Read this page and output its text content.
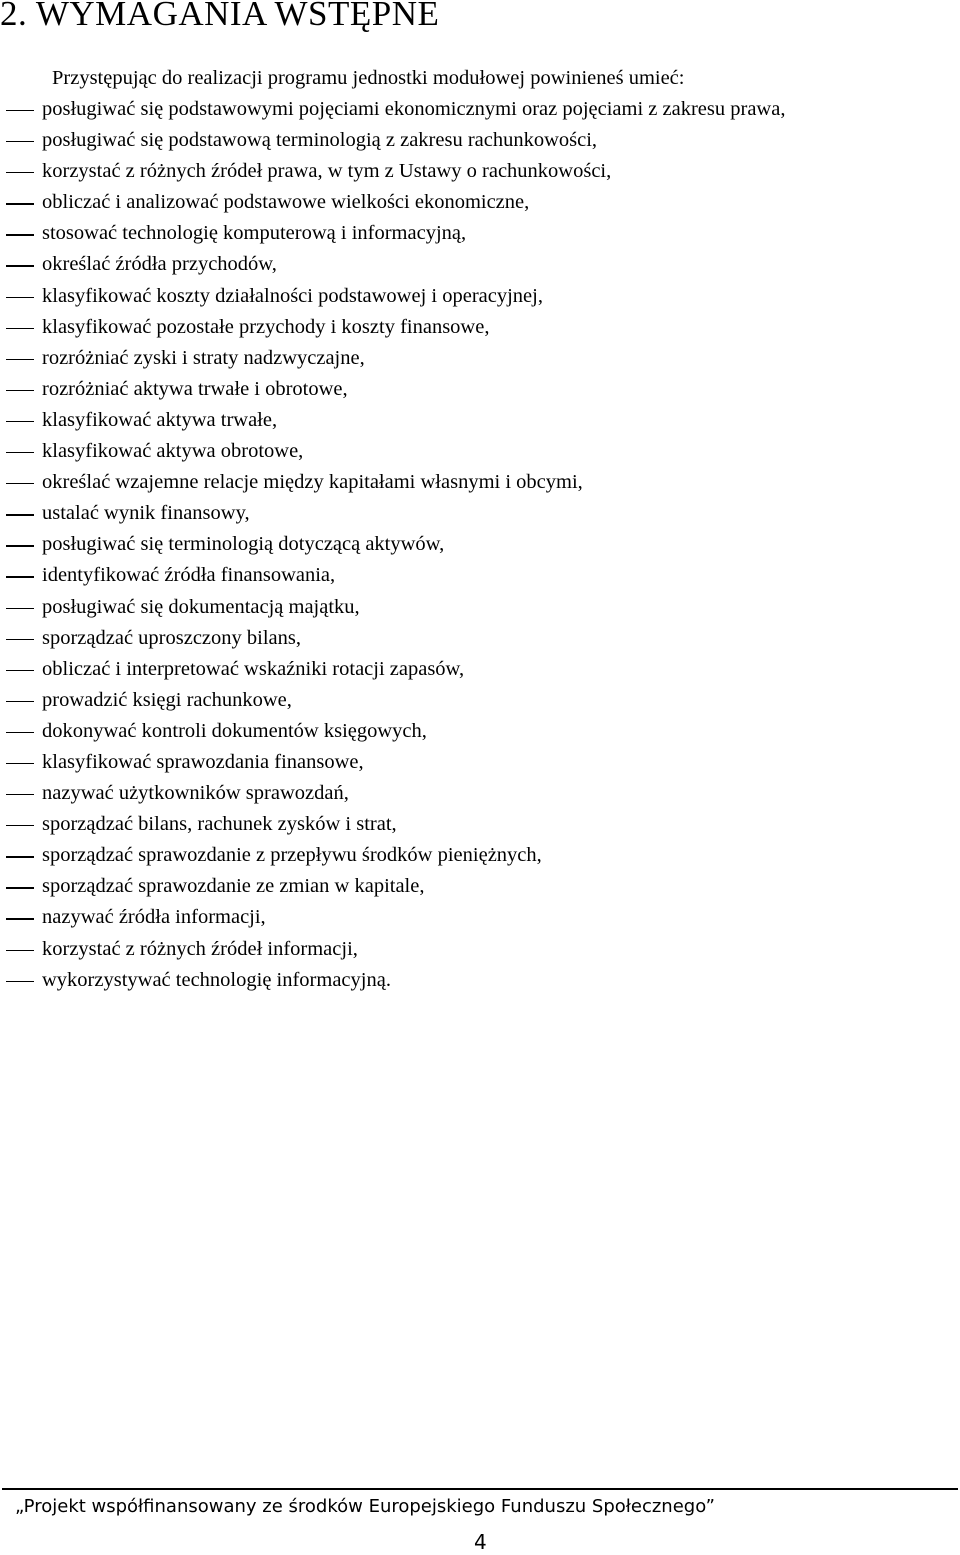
2. WYMAGANIA WSTĘPNE

Przystępując do realizacji programu jednostki modułowej powinieneś umieć:

posługiwać się podstawowymi pojęciami ekonomicznymi oraz pojęciami z zakresu prawa,
posługiwać się podstawową terminologią z zakresu rachunkowości,
korzystać z różnych źródeł prawa, w tym z Ustawy o rachunkowości,
obliczać i analizować podstawowe wielkości ekonomiczne,
stosować technologię komputerową i informacyjną,
określać źródła przychodów,
klasyfikować koszty działalności podstawowej i operacyjnej,
klasyfikować pozostałe przychody i koszty finansowe,
rozróżniać zyski i straty nadzwyczajne,
rozróżniać aktywa trwałe i obrotowe,
klasyfikować aktywa trwałe,
klasyfikować aktywa obrotowe,
określać wzajemne relacje między kapitałami własnymi i obcymi,
ustalać wynik finansowy,
posługiwać się terminologią dotyczącą aktywów,
identyfikować źródła finansowania,
posługiwać się dokumentacją majątku,
sporządzać uproszczony bilans,
obliczać i interpretować wskaźniki rotacji zapasów,
prowadzić księgi rachunkowe,
dokonywać kontroli dokumentów księgowych,
klasyfikować sprawozdania finansowe,
nazywać użytkowników sprawozdań,
sporządzać bilans, rachunek zysków i strat,
sporządzać sprawozdanie z przepływu środków pieniężnych,
sporządzać sprawozdanie ze zmian w kapitale,
nazywać źródła informacji,
korzystać z różnych źródeł informacji,
wykorzystywać technologię informacyjną.

„Projekt współfinansowany ze środków Europejskiego Funduszu Społecznego”

4
